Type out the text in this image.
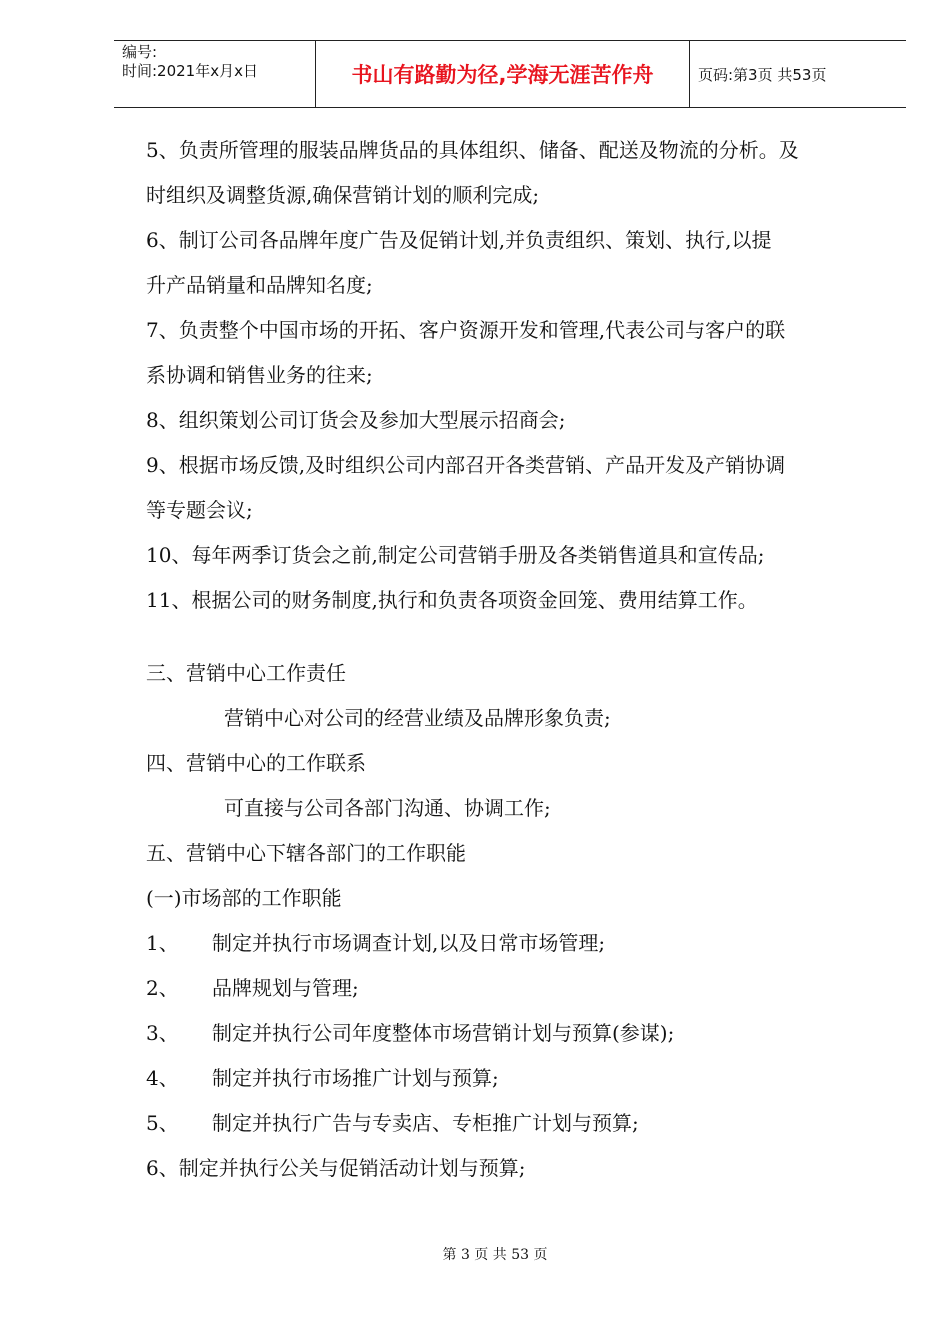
编号:
时间:2021年x月x日	书山有路勤为径,学海无涯苦作舟	页码:第3页 共53页
5、负责所管理的服装品牌货品的具体组织、储备、配送及物流的分析。及
时组织及调整货源,确保营销计划的顺利完成;
6、制订公司各品牌年度广告及促销计划,并负责组织、策划、执行,以提
升产品销量和品牌知名度;
7、负责整个中国市场的开拓、客户资源开发和管理,代表公司与客户的联
系协调和销售业务的往来;
8、组织策划公司订货会及参加大型展示招商会;
9、根据市场反馈,及时组织公司内部召开各类营销、产品开发及产销协调
等专题会议;
10、每年两季订货会之前,制定公司营销手册及各类销售道具和宣传品;
11、根据公司的财务制度,执行和负责各项资金回笼、费用结算工作。
三、营销中心工作责任
营销中心对公司的经营业绩及品牌形象负责;
四、营销中心的工作联系
可直接与公司各部门沟通、协调工作;
五、营销中心下辖各部门的工作职能
(一)市场部的工作职能
1、	制定并执行市场调查计划,以及日常市场管理;
2、	品牌规划与管理;
3、	制定并执行公司年度整体市场营销计划与预算(参谋);
4、	制定并执行市场推广计划与预算;
5、	制定并执行广告与专卖店、专柜推广计划与预算;
6、制定并执行公关与促销活动计划与预算;
第 3 页 共 53 页
